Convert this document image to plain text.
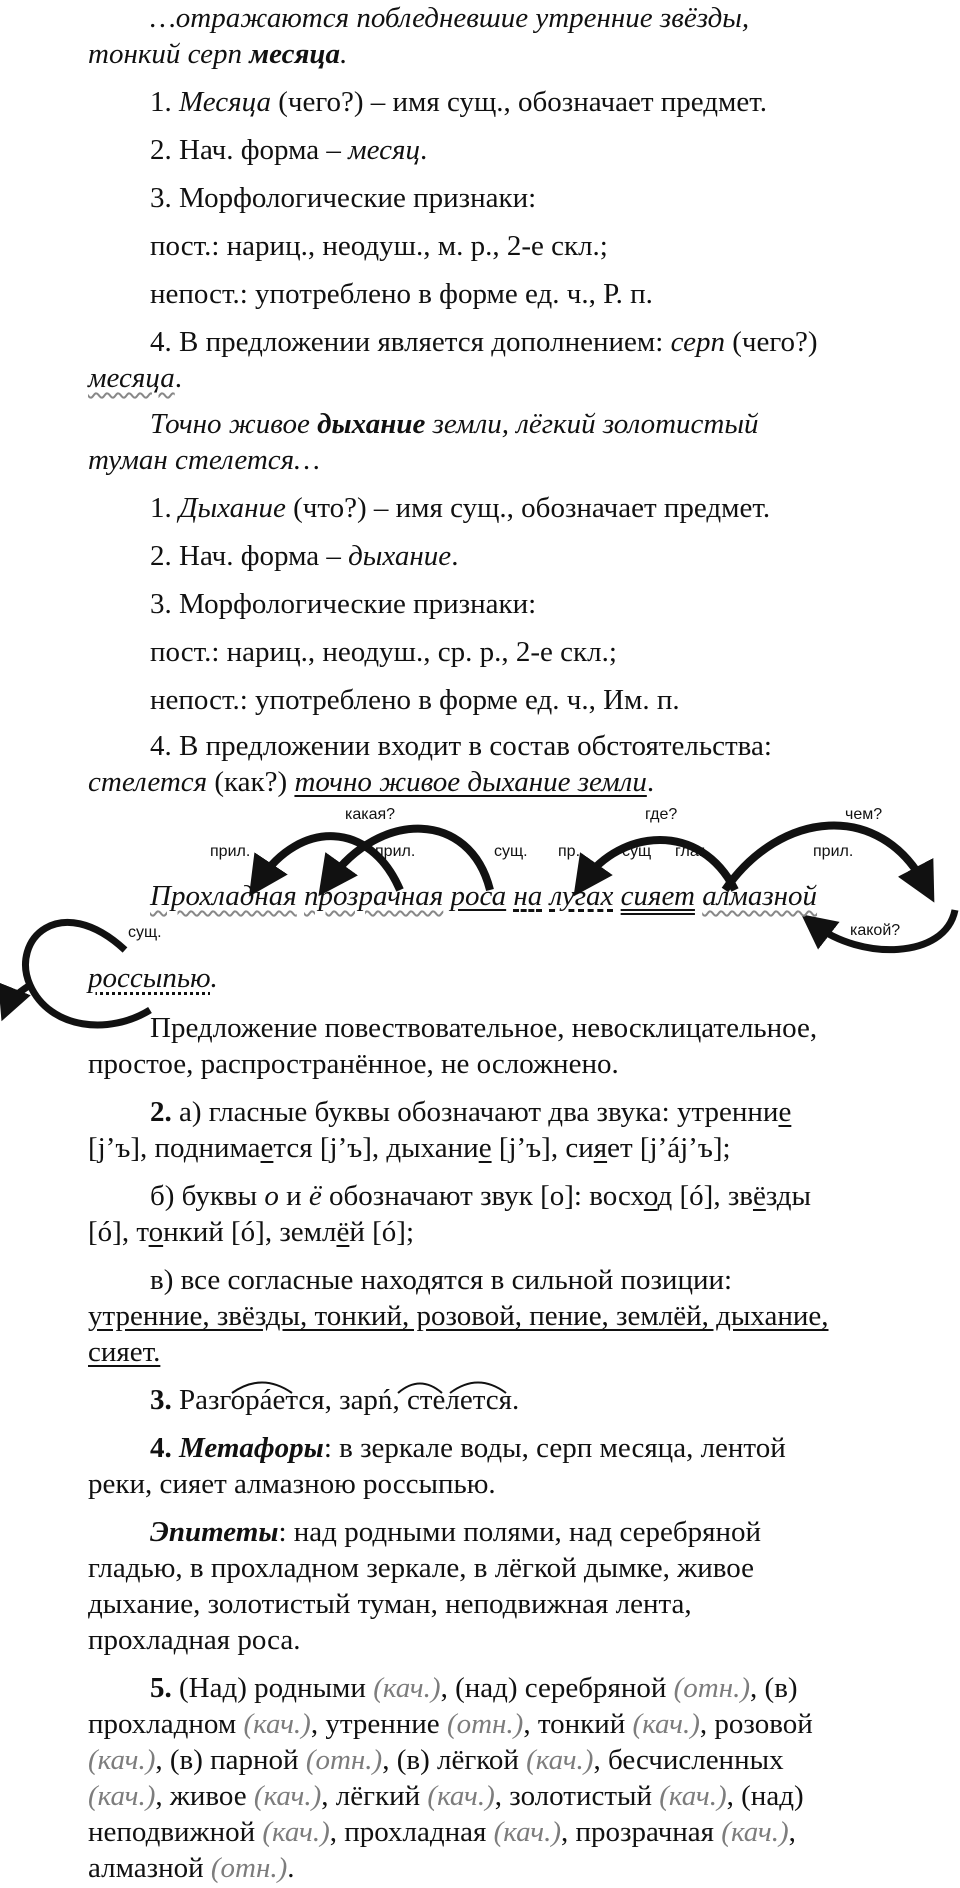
…отражаются побледневшие утренние звёзды,
тонкий серп месяца.
1. Месяца (чего?) – имя сущ., обозначает предмет.
2. Нач. форма – месяц.
3. Морфологические признаки:
пост.: нариц., неодуш., м. р., 2-е скл.;
непост.: употреблено в форме ед. ч., Р. п.
4. В предложении является дополнением: серп (чего?)
месяца.
Точно живое дыхание земли, лёгкий золотистый
туман стелется…
1. Дыхание (что?) – имя сущ., обозначает предмет.
2. Нач. форма – дыхание.
3. Морфологические признаки:
пост.: нариц., неодуш., ср. р., 2-е скл.;
непост.: употреблено в форме ед. ч., Им. п.
4. В предложении входит в состав обстоятельства:
стелется (как?) точно живое дыхание земли.
какая?	где?	чем?
прил.	прил.	сущ. пр.	сущ глаг.	прил.
сущ.	какой?
Прохладная прозрачная роса на лугах сияет алмазной
россыпью.
Предложение повествовательное, невосклицательное,
простое, распространённое, не осложнено.
2. а) гласные буквы обозначают два звука: утренние
[j’ъ], поднимается [j’ъ], дыхание [j’ъ], сияет [j’áj’ъ];
б) буквы о и ё обозначают звук [о]: восход [ó], звёзды
[ó], тонкий [ó], землёй [ó];
в) все согласные находятся в сильной позиции:
утренние, звёзды, тонкий, розовой, пение, землёй, дыхание,
сияет.
3. Разгорáется, зарń, стелется.
4. Метафоры: в зеркале воды, серп месяца, лентой
реки, сияет алмазною россыпью.
Эпитеты: над родными полями, над серебряной
гладью, в прохладном зеркале, в лёгкой дымке, живое
дыхание, золотистый туман, неподвижная лента,
прохладная роса.
5. (Над) родными (кач.), (над) серебряной (отн.), (в)
прохладном (кач.), утренние (отн.), тонкий (кач.), розовой
(кач.), (в) парной (отн.), (в) лёгкой (кач.), бесчисленных
(кач.), живое (кач.), лёгкий (кач.), золотистый (кач.), (над)
неподвижной (кач.), прохладная (кач.), прозрачная (кач.),
алмазной (отн.).
